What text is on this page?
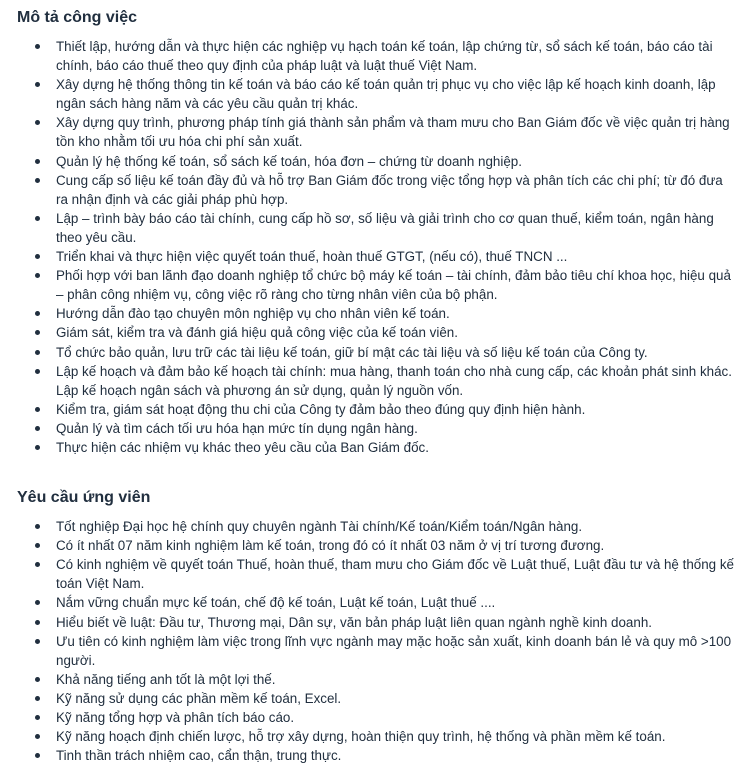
Mô tả công việc
Thiết lập, hướng dẫn và thực hiện các nghiệp vụ hạch toán kế toán, lập chứng từ, sổ sách kế toán, báo cáo tài chính, báo cáo thuế theo quy định của pháp luật và luật thuế Việt Nam.
Xây dựng hệ thống thông tin kế toán và báo cáo kế toán quản trị phục vụ cho việc lập kế hoạch kinh doanh, lập ngân sách hàng năm và các yêu cầu quản trị khác.
Xây dựng quy trình, phương pháp tính giá thành sản phẩm và tham mưu cho Ban Giám đốc về việc quản trị hàng tồn kho nhằm tối ưu hóa chi phí sản xuất.
Quản lý hệ thống kế toán, sổ sách kế toán, hóa đơn – chứng từ doanh nghiệp.
Cung cấp số liệu kế toán đầy đủ và hỗ trợ Ban Giám đốc trong việc tổng hợp và phân tích các chi phí; từ đó đưa ra nhận định và các giải pháp phù hợp.
Lập – trình bày báo cáo tài chính, cung cấp hồ sơ, số liệu và giải trình cho cơ quan thuế, kiểm toán, ngân hàng theo yêu cầu.
Triển khai và thực hiện việc quyết toán thuế, hoàn thuế GTGT, (nếu có), thuế TNCN ...
Phối hợp với ban lãnh đạo doanh nghiệp tổ chức bộ máy kế toán – tài chính, đảm bảo tiêu chí khoa học, hiệu quả – phân công nhiệm vụ, công việc rõ ràng cho từng nhân viên của bộ phận.
Hướng dẫn đào tạo chuyên môn nghiệp vụ cho nhân viên kế toán.
Giám sát, kiểm tra và đánh giá hiệu quả công việc của kế toán viên.
Tổ chức bảo quản, lưu trữ các tài liệu kế toán, giữ bí mật các tài liệu và số liệu kế toán của Công ty.
Lập kế hoạch và đảm bảo kế hoạch tài chính: mua hàng, thanh toán cho nhà cung cấp, các khoản phát sinh khác. Lập kế hoạch ngân sách và phương án sử dụng, quản lý nguồn vốn.
Kiểm tra, giám sát hoạt động thu chi của Công ty đảm bảo theo đúng quy định hiện hành.
Quản lý và tìm cách tối ưu hóa hạn mức tín dụng ngân hàng.
Thực hiện các nhiệm vụ khác theo yêu cầu của Ban Giám đốc.
Yêu cầu ứng viên
Tốt nghiệp Đại học hệ chính quy chuyên ngành Tài chính/Kế toán/Kiểm toán/Ngân hàng.
Có ít nhất 07 năm kinh nghiệm làm kế toán, trong đó có ít nhất 03 năm ở vị trí tương đương.
Có kinh nghiệm về quyết toán Thuế, hoàn thuế, tham mưu cho Giám đốc về Luật thuế, Luật đầu tư và hệ thống kế toán Việt Nam.
Nắm vững chuẩn mực kế toán, chế độ kế toán, Luật kế toán, Luật thuế ....
Hiểu biết về luật: Đầu tư, Thương mại, Dân sự, văn bản pháp luật liên quan ngành nghề kinh doanh.
Ưu tiên có kinh nghiệm làm việc trong lĩnh vực ngành may mặc hoặc sản xuất, kinh doanh bán lẻ và quy mô >100 người.
Khả năng tiếng anh tốt là một lợi thế.
Kỹ năng sử dụng các phần mềm kế toán, Excel.
Kỹ năng tổng hợp và phân tích báo cáo.
Kỹ năng hoạch định chiến lược, hỗ trợ xây dựng, hoàn thiện quy trình, hệ thống và phần mềm kế toán.
Tinh thần trách nhiệm cao, cẩn thận, trung thực.
